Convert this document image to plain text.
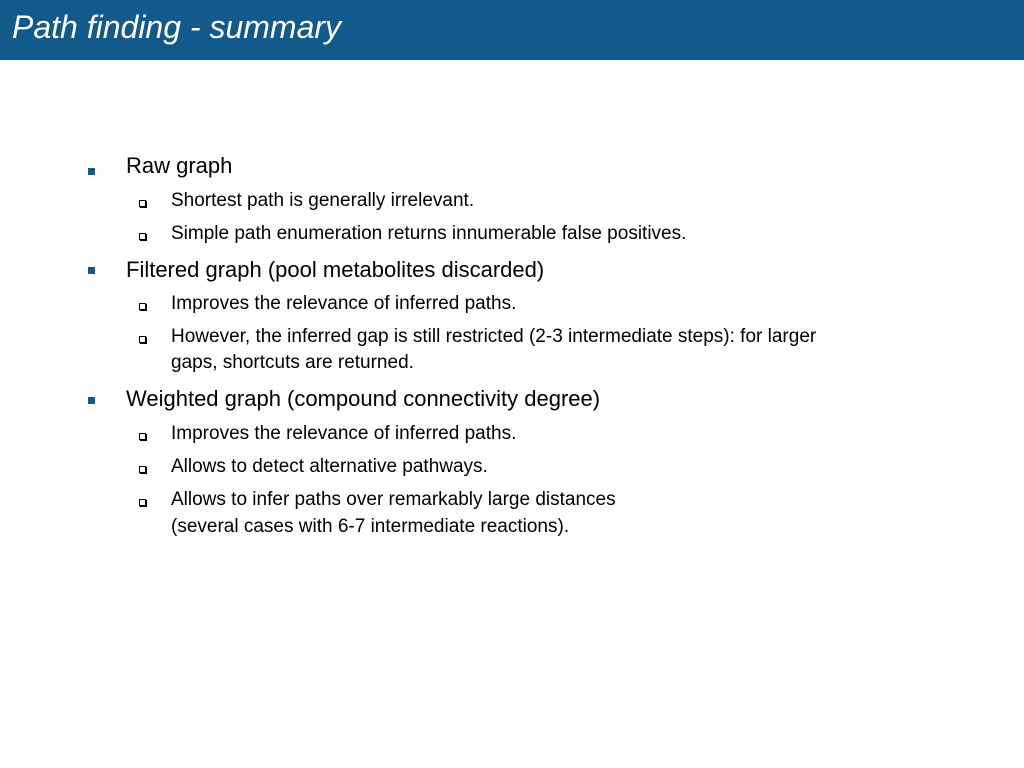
Path finding - summary
Raw graph
Shortest path is generally irrelevant.
Simple path enumeration returns innumerable false positives.
Filtered graph (pool metabolites discarded)
Improves the relevance of inferred paths.
However, the inferred gap is still restricted (2-3 intermediate steps): for larger
gaps, shortcuts are returned.
Weighted graph (compound connectivity degree)
Improves the relevance of inferred paths.
Allows to detect alternative pathways.
Allows to infer paths over remarkably large distances
(several cases with 6-7 intermediate reactions).
